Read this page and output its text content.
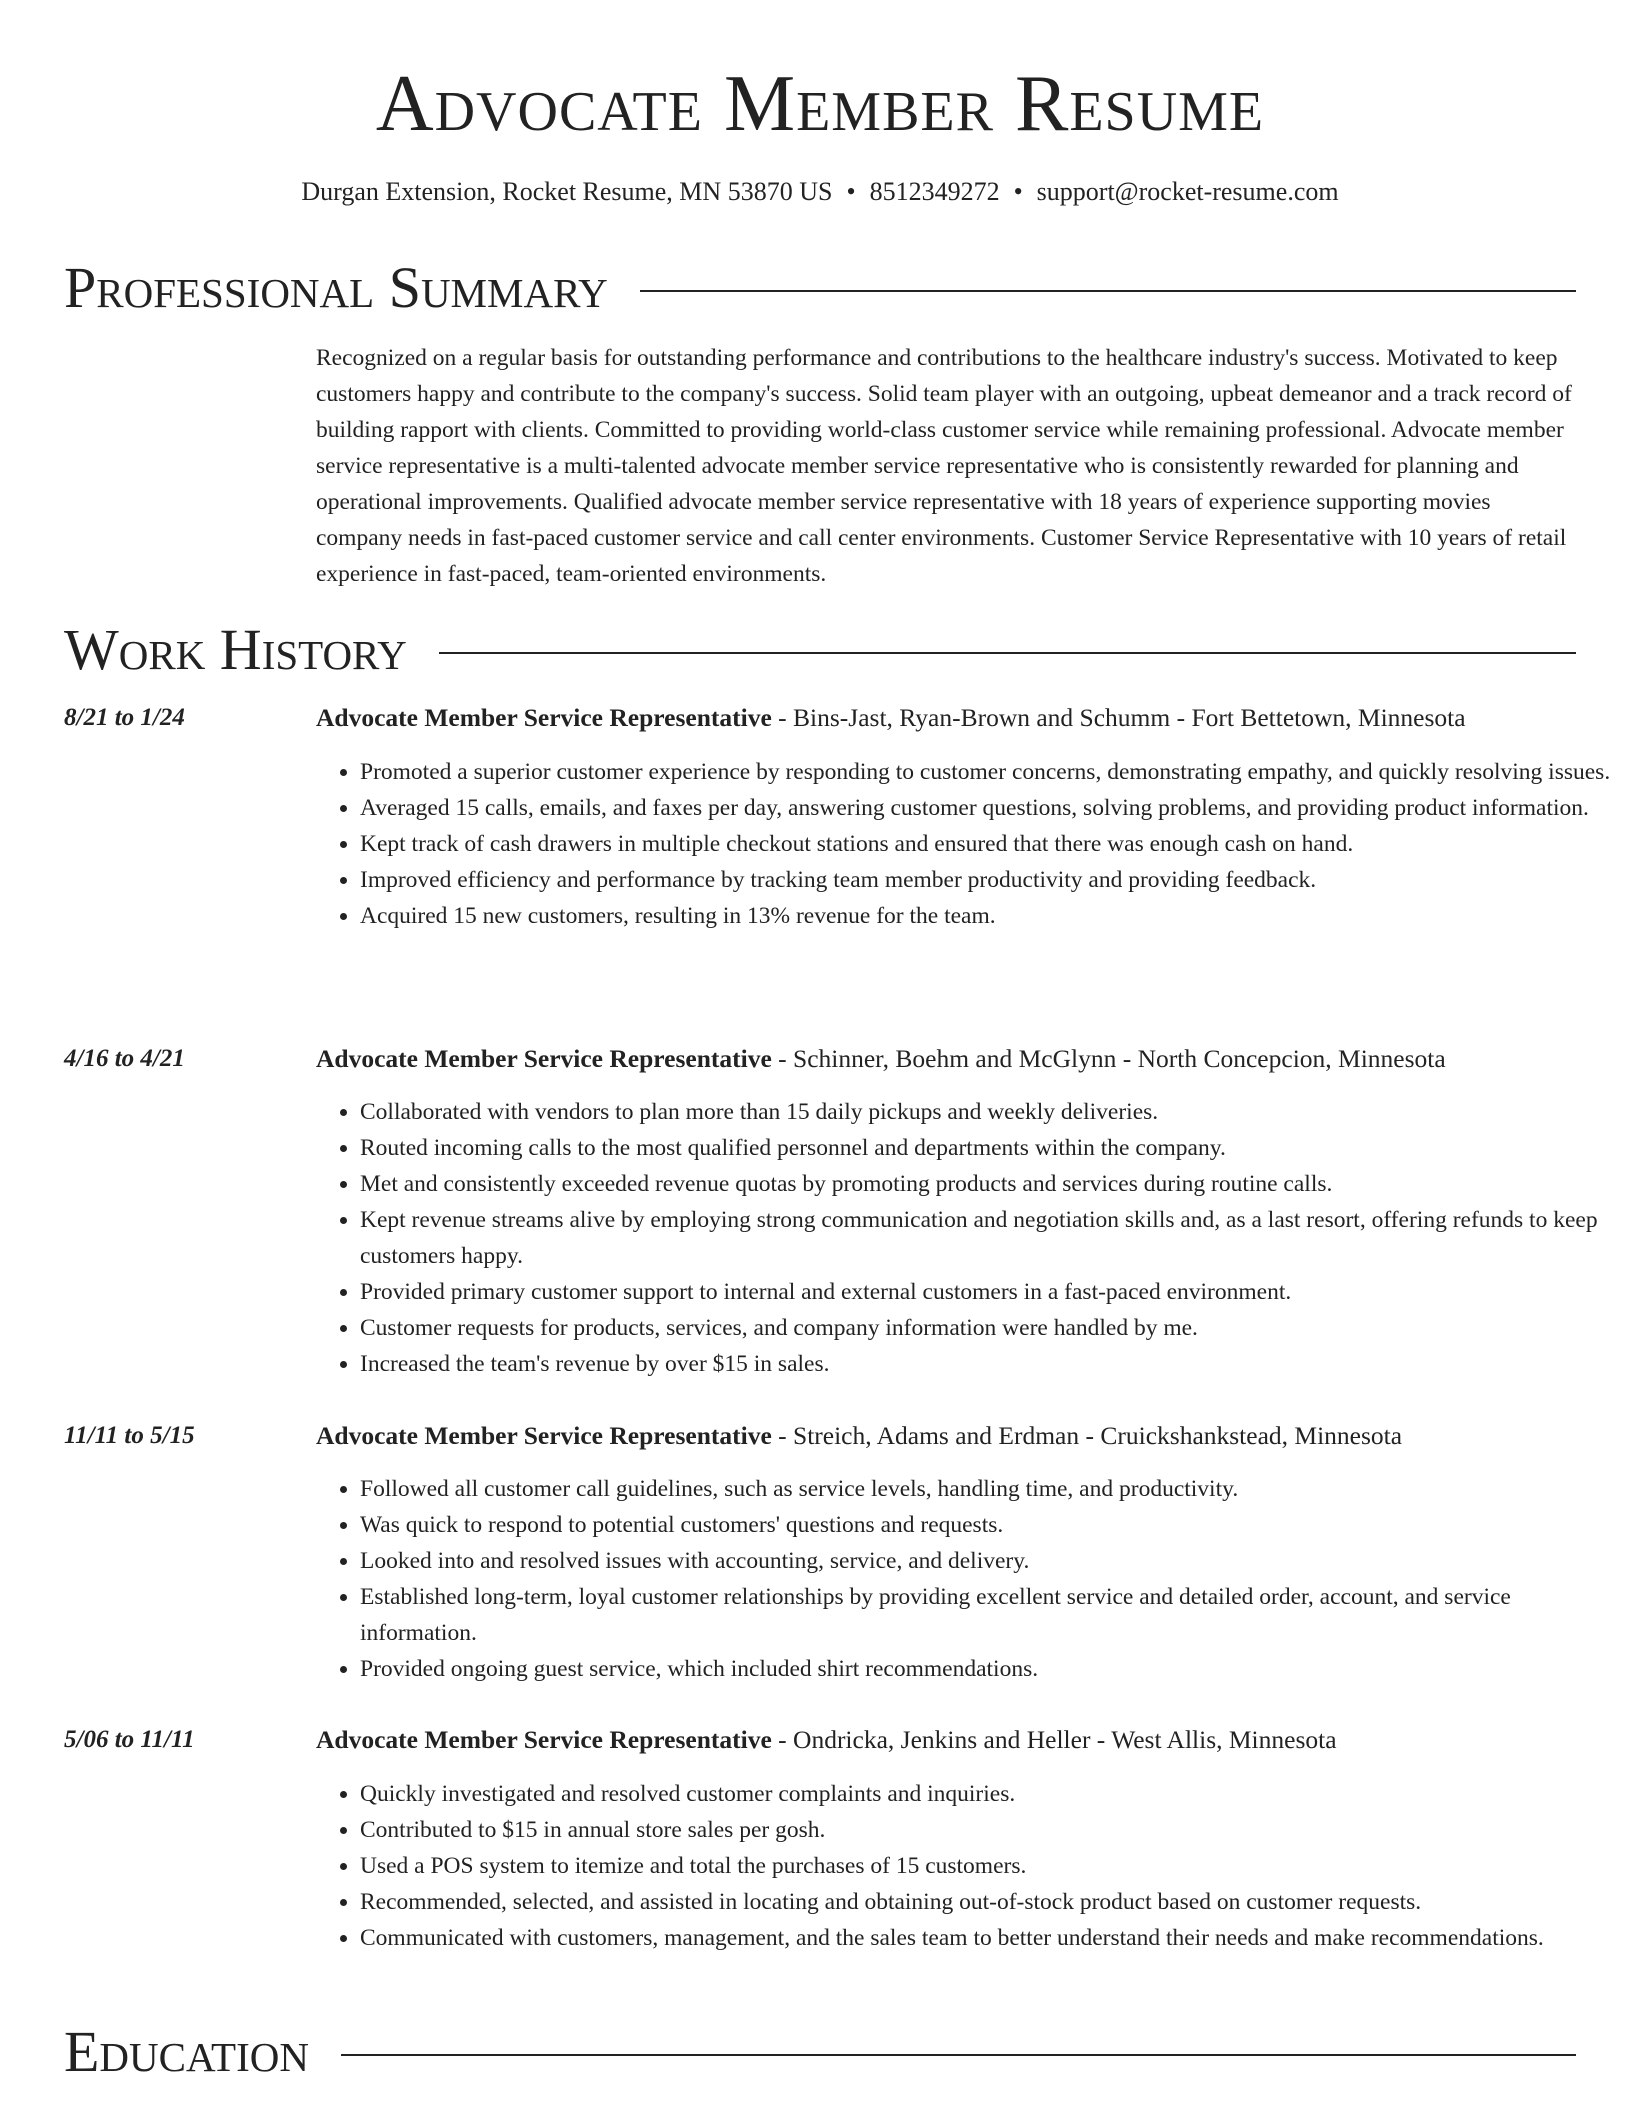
Advocate Member Resume
Durgan Extension, Rocket Resume, MN 53870 US • 8512349272 • support@rocket-resume.com
Professional Summary

Recognized on a regular basis for outstanding performance and contributions to the healthcare industry's success. Motivated to keep customers happy and contribute to the company's success. Solid team player with an outgoing, upbeat demeanor and a track record of building rapport with clients. Committed to providing world-class customer service while remaining professional. Advocate member service representative is a multi-talented advocate member service representative who is consistently rewarded for planning and operational improvements. Qualified advocate member service representative with 18 years of experience supporting movies company needs in fast-paced customer service and call center environments. Customer Service Representative with 10 years of retail experience in fast-paced, team-oriented environments.

Work History
8/21 to 1/24	Advocate Member Service Representative - Bins-Jast, Ryan-Brown and Schumm - Fort Bettetown, Minnesota
• Promoted a superior customer experience by responding to customer concerns, demonstrating empathy, and quickly resolving issues.
• Averaged 15 calls, emails, and faxes per day, answering customer questions, solving problems, and providing product information.
• Kept track of cash drawers in multiple checkout stations and ensured that there was enough cash on hand.
• Improved efficiency and performance by tracking team member productivity and providing feedback.
• Acquired 15 new customers, resulting in 13% revenue for the team.
4/16 to 4/21	Advocate Member Service Representative - Schinner, Boehm and McGlynn - North Concepcion, Minnesota
• Collaborated with vendors to plan more than 15 daily pickups and weekly deliveries.
• Routed incoming calls to the most qualified personnel and departments within the company.
• Met and consistently exceeded revenue quotas by promoting products and services during routine calls.
• Kept revenue streams alive by employing strong communication and negotiation skills and, as a last resort, offering refunds to keep customers happy.
• Provided primary customer support to internal and external customers in a fast-paced environment.
• Customer requests for products, services, and company information were handled by me.
• Increased the team's revenue by over $15 in sales.
11/11 to 5/15	Advocate Member Service Representative - Streich, Adams and Erdman - Cruickshankstead, Minnesota
• Followed all customer call guidelines, such as service levels, handling time, and productivity.
• Was quick to respond to potential customers' questions and requests.
• Looked into and resolved issues with accounting, service, and delivery.
• Established long-term, loyal customer relationships by providing excellent service and detailed order, account, and service information.
• Provided ongoing guest service, which included shirt recommendations.
5/06 to 11/11	Advocate Member Service Representative - Ondricka, Jenkins and Heller - West Allis, Minnesota
• Quickly investigated and resolved customer complaints and inquiries.
• Contributed to $15 in annual store sales per gosh.
• Used a POS system to itemize and total the purchases of 15 customers.
• Recommended, selected, and assisted in locating and obtaining out-of-stock product based on customer requests.
• Communicated with customers, management, and the sales team to better understand their needs and make recommendations.
Education
